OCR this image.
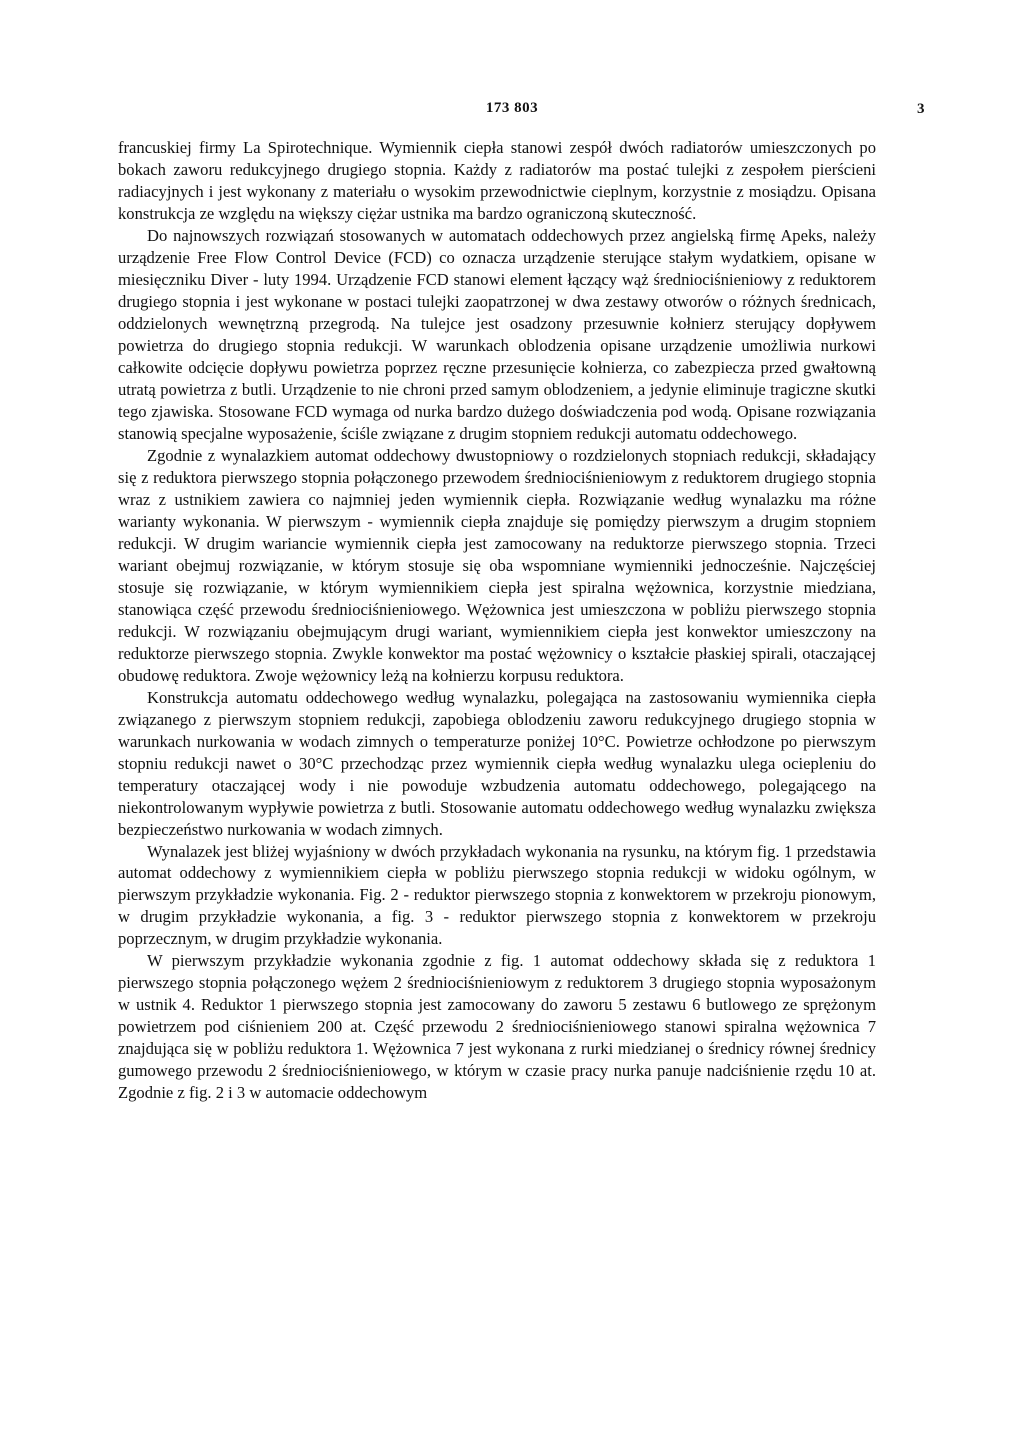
173 803	3

francuskiej firmy La Spirotechnique. Wymiennik ciepła stanowi zespół dwóch radiatorów umieszczonych po bokach zaworu redukcyjnego drugiego stopnia. Każdy z radiatorów ma postać tulejki z zespołem pierścieni radiacyjnych i jest wykonany z materiału o wysokim przewodnictwie cieplnym, korzystnie z mosiądzu. Opisana konstrukcja ze względu na większy ciężar ustnika ma bardzo ograniczoną skuteczność.

Do najnowszych rozwiązań stosowanych w automatach oddechowych przez angielską firmę Apeks, należy urządzenie Free Flow Control Device (FCD) co oznacza urządzenie sterujące stałym wydatkiem, opisane w miesięczniku Diver - luty 1994. Urządzenie FCD stanowi element łączący wąż średniociśnieniowy z reduktorem drugiego stopnia i jest wykonane w postaci tulejki zaopatrzonej w dwa zestawy otworów o różnych średnicach, oddzielonych wewnętrzną przegrodą. Na tulejce jest osadzony przesuwnie kołnierz sterujący dopływem powietrza do drugiego stopnia redukcji. W warunkach oblodzenia opisane urządzenie umożliwia nurkowi całkowite odcięcie dopływu powietrza poprzez ręczne przesunięcie kołnierza, co zabezpiecza przed gwałtowną utratą powietrza z butli. Urządzenie to nie chroni przed samym oblodzeniem, a jedynie eliminuje tragiczne skutki tego zjawiska. Stosowane FCD wymaga od nurka bardzo dużego doświadczenia pod wodą. Opisane rozwiązania stanowią specjalne wyposażenie, ściśle związane z drugim stopniem redukcji automatu oddechowego.

Zgodnie z wynalazkiem automat oddechowy dwustopniowy o rozdzielonych stopniach redukcji, składający się z reduktora pierwszego stopnia połączonego przewodem średniociśnieniowym z reduktorem drugiego stopnia wraz z ustnikiem zawiera co najmniej jeden wymiennik ciepła. Rozwiązanie według wynalazku ma różne warianty wykonania. W pierwszym - wymiennik ciepła znajduje się pomiędzy pierwszym a drugim stopniem redukcji. W drugim wariancie wymiennik ciepła jest zamocowany na reduktorze pierwszego stopnia. Trzeci wariant obejmuj rozwiązanie, w którym stosuje się oba wspomniane wymienniki jednocześnie. Najczęściej stosuje się rozwiązanie, w którym wymiennikiem ciepła jest spiralna wężownica, korzystnie miedziana, stanowiąca część przewodu średniociśnieniowego. Wężownica jest umieszczona w pobliżu pierwszego stopnia redukcji. W rozwiązaniu obejmującym drugi wariant, wymiennikiem ciepła jest konwektor umieszczony na reduktorze pierwszego stopnia. Zwykle konwektor ma postać wężownicy o kształcie płaskiej spirali, otaczającej obudowę reduktora. Zwoje wężownicy leżą na kołnierzu korpusu reduktora.

Konstrukcja automatu oddechowego według wynalazku, polegająca na zastosowaniu wymiennika ciepła związanego z pierwszym stopniem redukcji, zapobiega oblodzeniu zaworu redukcyjnego drugiego stopnia w warunkach nurkowania w wodach zimnych o temperaturze poniżej 10°C. Powietrze ochłodzone po pierwszym stopniu redukcji nawet o 30°C przechodząc przez wymiennik ciepła według wynalazku ulega ociepleniu do temperatury otaczającej wody i nie powoduje wzbudzenia automatu oddechowego, polegającego na niekontrolowanym wypływie powietrza z butli. Stosowanie automatu oddechowego według wynalazku zwiększa bezpieczeństwo nurkowania w wodach zimnych.

Wynalazek jest bliżej wyjaśniony w dwóch przykładach wykonania na rysunku, na którym fig. 1 przedstawia automat oddechowy z wymiennikiem ciepła w pobliżu pierwszego stopnia redukcji w widoku ogólnym, w pierwszym przykładzie wykonania. Fig. 2 - reduktor pierwszego stopnia z konwektorem w przekroju pionowym, w drugim przykładzie wykonania, a fig. 3 - reduktor pierwszego stopnia z konwektorem w przekroju poprzecznym, w drugim przykładzie wykonania.

W pierwszym przykładzie wykonania zgodnie z fig. 1 automat oddechowy składa się z reduktora 1 pierwszego stopnia połączonego wężem 2 średniociśnieniowym z reduktorem 3 drugiego stopnia wyposażonym w ustnik 4. Reduktor 1 pierwszego stopnia jest zamocowany do zaworu 5 zestawu 6 butlowego ze sprężonym powietrzem pod ciśnieniem 200 at. Część przewodu 2 średniociśnieniowego stanowi spiralna wężownica 7 znajdująca się w pobliżu reduktora 1. Wężownica 7 jest wykonana z rurki miedzianej o średnicy równej średnicy gumowego przewodu 2 średniociśnieniowego, w którym w czasie pracy nurka panuje nadciśnienie rzędu 10 at. Zgodnie z fig. 2 i 3 w automacie oddechowym
